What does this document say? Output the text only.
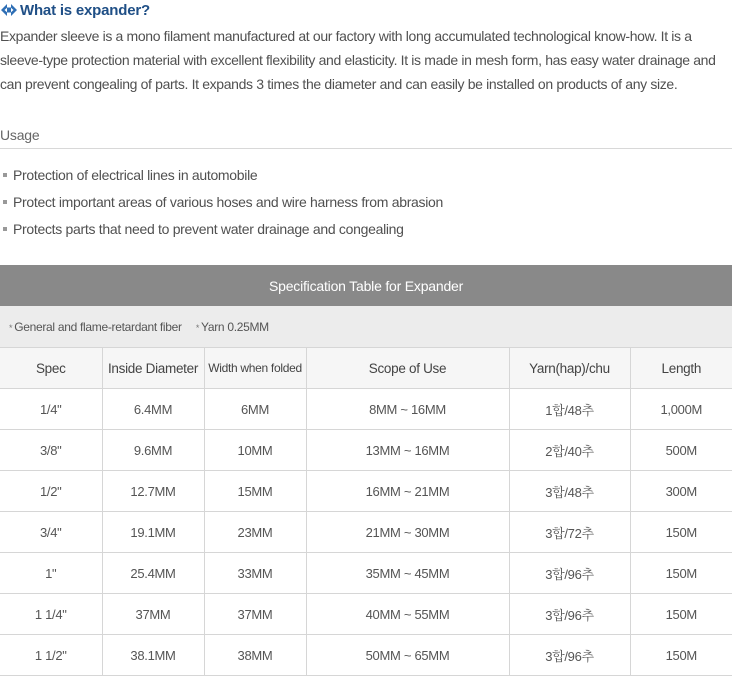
What is expander?

Expander sleeve is a mono filament manufactured at our factory with long accumulated technological know-how. It is a sleeve-type protection material with excellent flexibility and elasticity. It is made in mesh form, has easy water drainage and can prevent congealing of parts. It expands 3 times the diameter and can easily be installed on products of any size.

Usage
Protection of electrical lines in automobile
Protect important areas of various hoses and wire harness from abrasion
Protects parts that need to prevent water drainage and congealing
Specification Table for Expander					
* General and flame-retardant fiber * Yarn 0.25MM					
Spec	Inside Diameter	Width when folded	Scope of Use	Yarn(hap)/chu	Length
1/4"	6.4MM	6MM	8MM ~ 16MM	1합/48추	1,000M
3/8"	9.6MM	10MM	13MM ~ 16MM	2합/40추	500M
1/2"	12.7MM	15MM	16MM ~ 21MM	3합/48추	300M
3/4"	19.1MM	23MM	21MM ~ 30MM	3합/72추	150M
1"	25.4MM	33MM	35MM ~ 45MM	3합/96추	150M
1 1/4"	37MM	37MM	40MM ~ 55MM	3합/96추	150M
1 1/2"	38.1MM	38MM	50MM ~ 65MM	3합/96추	150M
